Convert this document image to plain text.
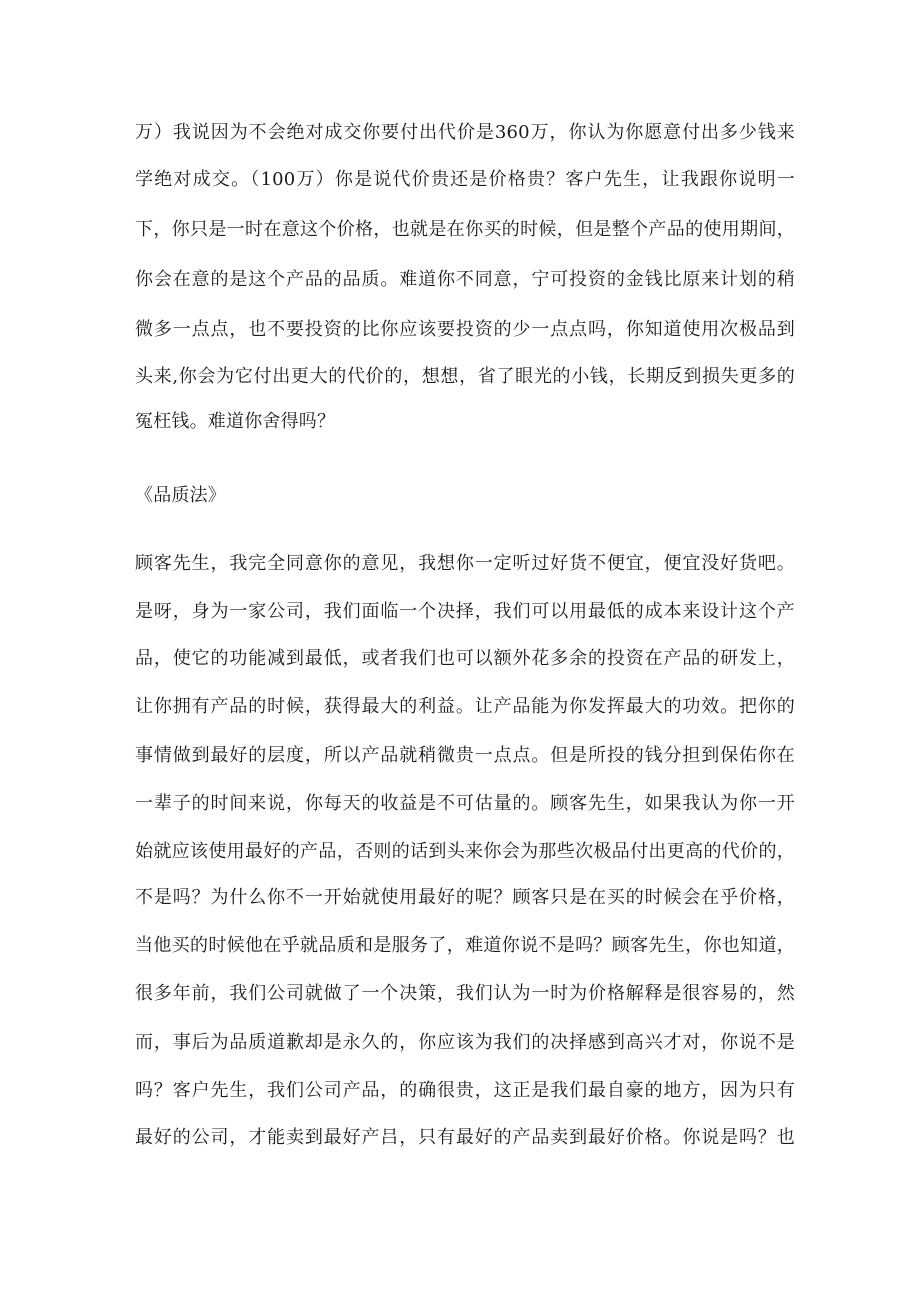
万）我说因为不会绝对成交你要付出代价是360万，你认为你愿意付出多少钱来
学绝对成交。（100万）你是说代价贵还是价格贵？客户先生，让我跟你说明一
下，你只是一时在意这个价格，也就是在你买的时候，但是整个产品的使用期间，
你会在意的是这个产品的品质。难道你不同意，宁可投资的金钱比原来计划的稍
微多一点点，也不要投资的比你应该要投资的少一点点吗，你知道使用次极品到
头来,你会为它付出更大的代价的，想想，省了眼光的小钱，长期反到损失更多的
冤枉钱。难道你舍得吗？
《品质法》
顾客先生，我完全同意你的意见，我想你一定听过好货不便宜，便宜没好货吧。
是呀，身为一家公司，我们面临一个决择，我们可以用最低的成本来设计这个产
品，使它的功能减到最低，或者我们也可以额外花多余的投资在产品的研发上，
让你拥有产品的时候，获得最大的利益。让产品能为你发挥最大的功效。把你的
事情做到最好的层度，所以产品就稍微贵一点点。但是所投的钱分担到保佑你在
一辈子的时间来说，你每天的收益是不可估量的。顾客先生，如果我认为你一开
始就应该使用最好的产品，否则的话到头来你会为那些次极品付出更高的代价的，
不是吗？为什么你不一开始就使用最好的呢？顾客只是在买的时候会在乎价格，
当他买的时候他在乎就品质和是服务了，难道你说不是吗？顾客先生，你也知道，
很多年前，我们公司就做了一个决策，我们认为一时为价格解释是很容易的，然
而，事后为品质道歉却是永久的，你应该为我们的决择感到高兴才对，你说不是
吗？客户先生，我们公司产品，的确很贵，这正是我们最自豪的地方，因为只有
最好的公司，才能卖到最好产吕，只有最好的产品卖到最好价格。你说是吗？也
